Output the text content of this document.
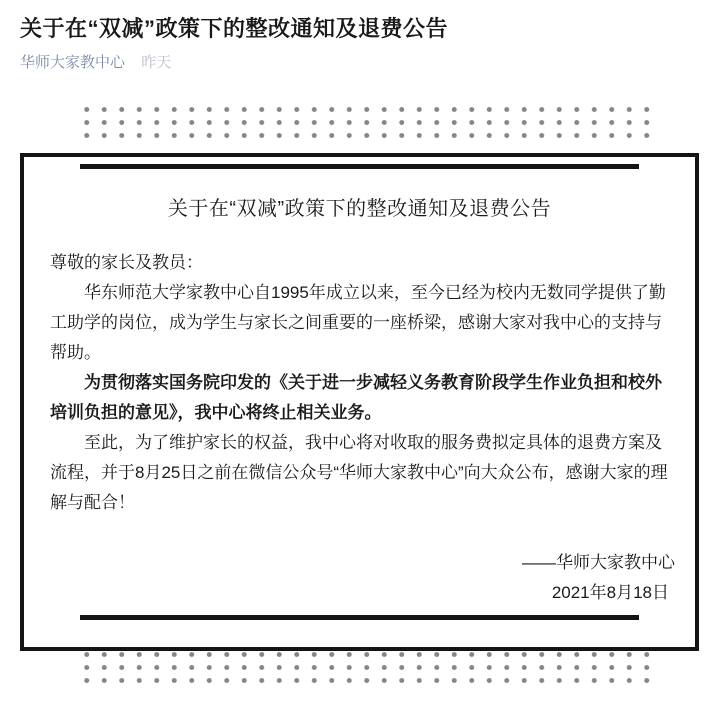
关于在“双减”政策下的整改通知及退费公告
华师大家教中心 昨天
关于在“双减”政策下的整改通知及退费公告

尊敬的家长及教员：

华东师范大学家教中心自1995年成立以来，至今已经为校内无数同学提供了勤工助学的岗位，成为学生与家长之间重要的一座桥梁，感谢大家对我中心的支持与帮助。

为贯彻落实国务院印发的《关于进一步减轻义务教育阶段学生作业负担和校外培训负担的意见》，我中心将终止相关业务。

至此，为了维护家长的权益，我中心将对收取的服务费拟定具体的退费方案及流程，并于8月25日之前在微信公众号“华师大家教中心”向大众公布，感谢大家的理解与配合！

——华师大家教中心
2021年8月18日
